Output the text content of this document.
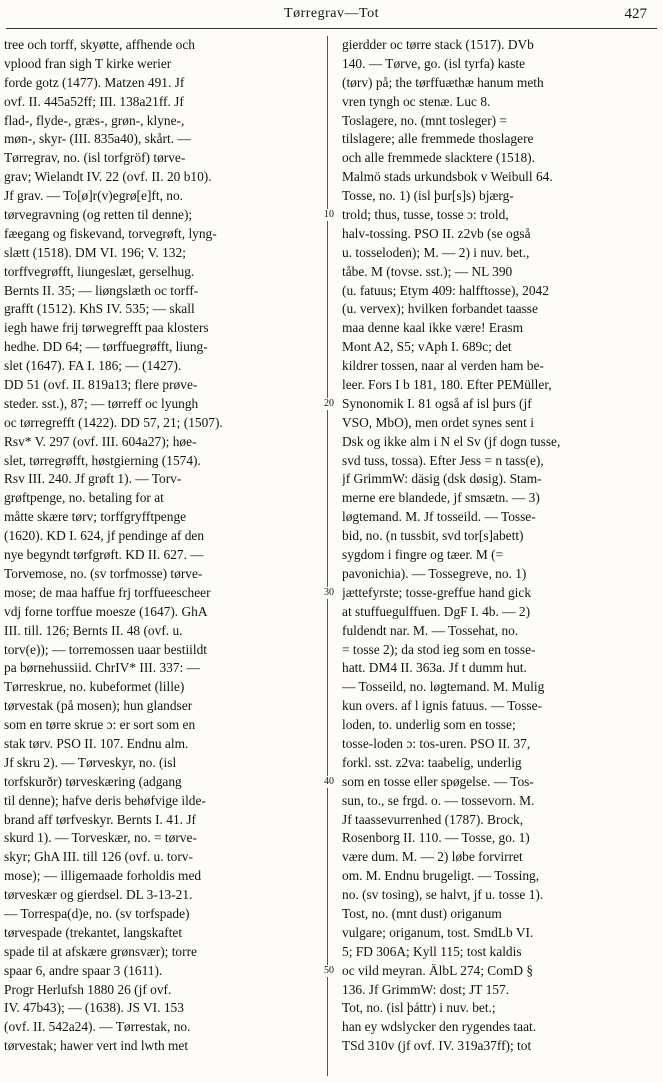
Tørregrav—Tot	427
tree och torff, skyøtte, affhende och
vplood fran sigh T kirke werier
forde gotz (1477). Matzen 491. Jf
ovf. II. 445a52ff; III. 138a21ff. Jf
flad-, flyde-, græs-, grøn-, klyne-,
møn-, skyr- (III. 835a40), skårt. —
Tørregrav, no. (isl torfgröf) tørve-
grav; Wielandt IV. 22 (ovf. II. 20 b10).
Jf grav. — To[ø]r(v)egrø[e]ft, no.
tørvegravning (og retten til denne);
fæegang og fiskevand, torvegrøft, lyng-
slætt (1518). DM VI. 196; V. 132;
torffvegrøfft, liungeslæt, gerselhug.
Bernts II. 35; — liøngslæth oc torff-
grafft (1512). KhS IV. 535; — skall
iegh hawe frij tørwegrefft paa klosters
hedhe. DD 64; — tørffuegrøfft, liung-
slet (1647). FA I. 186; — (1427).
DD 51 (ovf. II. 819a13; flere prøve-
steder. sst.), 87; — tørreff oc lyungh
oc tørregrefft (1422). DD 57, 21; (1507).
Rsv* V. 297 (ovf. III. 604a27); høe-
slet, tørregrøfft, høstgierning (1574).
Rsv III. 240. Jf grøft 1). — Torv-
grøftpenge, no. betaling for at
måtte skære tørv; torffgryfftpenge
(1620). KD I. 624, jf pendinge af den
nye begyndt tørfgrøft. KD II. 627. —
Torvemose, no. (sv torfmosse) tørve-
mose; de maa haffue frj torffueescheer
vdj forne torffue moesze (1647). GhA
III. till. 126; Bernts II. 48 (ovf. u.
torv(e)); — torremossen uaar bestiildt
pa børnehussiid. ChrIV* III. 337: —
Tørreskrue, no. kubeformet (lille)
tørvestak (på mosen); hun glandser
som en tørre skrue ɔ: er sort som en
stak tørv. PSO II. 107. Endnu alm.
Jf skru 2). — Tørveskyr, no. (isl
torfskurðr) tørveskæring (adgang
til denne); hafve deris behøfvige ilde-
brand aff tørfveskyr. Bernts I. 41. Jf
skurd 1). — Torveskær, no. = tørve-
skyr; GhA III. till 126 (ovf. u. torv-
mose); — illigemaade forholdis med
tørveskær og gierdsel. DL 3-13-21.
— Torrespa(d)e, no. (sv torfspade)
tørvespade (trekantet, langskaftet
spade til at afskære grønsvær); torre
spaar 6, andre spaar 3 (1611).
Progr Herlufsh 1880 26 (jf ovf.
IV. 47b43); — (1638). JS VI. 153
(ovf. II. 542a24). — Tørrestak, no.
tørvestak; hawer vert ind lwth met
10
20
30
40
50
gierdder oc tørre stack (1517). DVb
140. — Tørve, go. (isl tyrfa) kaste
(tørv) på; the tørffuæthæ hanum meth
vren tyngh oc stenæ. Luc 8.
Toslagere, no. (mnt tosleger) =
tilslagere; alle fremmede thoslagere
och alle fremmede slacktere (1518).
Malmö stads urkundsbok v Weibull 64.
Tosse, no. 1) (isl þur[s]s) bjærg-
trold; thus, tusse, tosse ɔ: trold,
halv-tossing. PSO II. z2vb (se også
u. tosseloden); M. — 2) i nuv. bet.,
tåbe. M (tovse. sst.); — NL 390
(u. fatuus; Etym 409: halfftosse), 2042
(u. vervex); hvilken forbandet taasse
maa denne kaal ikke være! Erasm
Mont A2, S5; vAph I. 689c; det
kildrer tossen, naar al verden ham be-
leer. Fors I b 181, 180. Efter PEMüller,
Synonomik I. 81 også af isl þurs (jf
VSO, MbO), men ordet synes sent i
Dsk og ikke alm i N el Sv (jf dogn tusse,
svd tuss, tossa). Efter Jess = n tass(e),
jf GrimmW: däsig (dsk døsig). Stam-
merne ere blandede, jf smsætn. — 3)
løgtemand. M. Jf tosseild. — Tosse-
bid, no. (n tussbit, svd tor[s]abett)
sygdom i fingre og tæer. M (=
pavonichia). — Tossegreve, no. 1)
jættefyrste; tosse-greffue hand gick
at stuffuegulffuen. DgF I. 4b. — 2)
fuldendt nar. M. — Tossehat, no.
= tosse 2); da stod ieg som en tosse-
hatt. DM4 II. 363a. Jf t dumm hut.
— Tosseild, no. løgtemand. M. Mulig
kun overs. af l ignis fatuus. — Tosse-
loden, to. underlig som en tosse;
tosse-loden ɔ: tos-uren. PSO II. 37,
forkl. sst. z2va: taabelig, underlig
som en tosse eller spøgelse. — Tos-
sun, to., se frgd. o. — tossevorn. M.
Jf taassevurrenhed (1787). Brock,
Rosenborg II. 110. — Tosse, go. 1)
være dum. M. — 2) løbe forvirret
om. M. Endnu brugeligt. — Tossing,
no. (sv tosing), se halvt, jf u. tosse 1).
Tost, no. (mnt dust) origanum
vulgare; origanum, tost. SmdLb VI.
5; FD 306A; Kyll 115; tost kaldis
oc vild meyran. ÄlbL 274; ComD §
136. Jf GrimmW: dost; JT 157.
Tot, no. (isl þáttr) i nuv. bet.;
han ey wdslycker den rygendes taat.
TSd 310v (jf ovf. IV. 319a37ff); tot
